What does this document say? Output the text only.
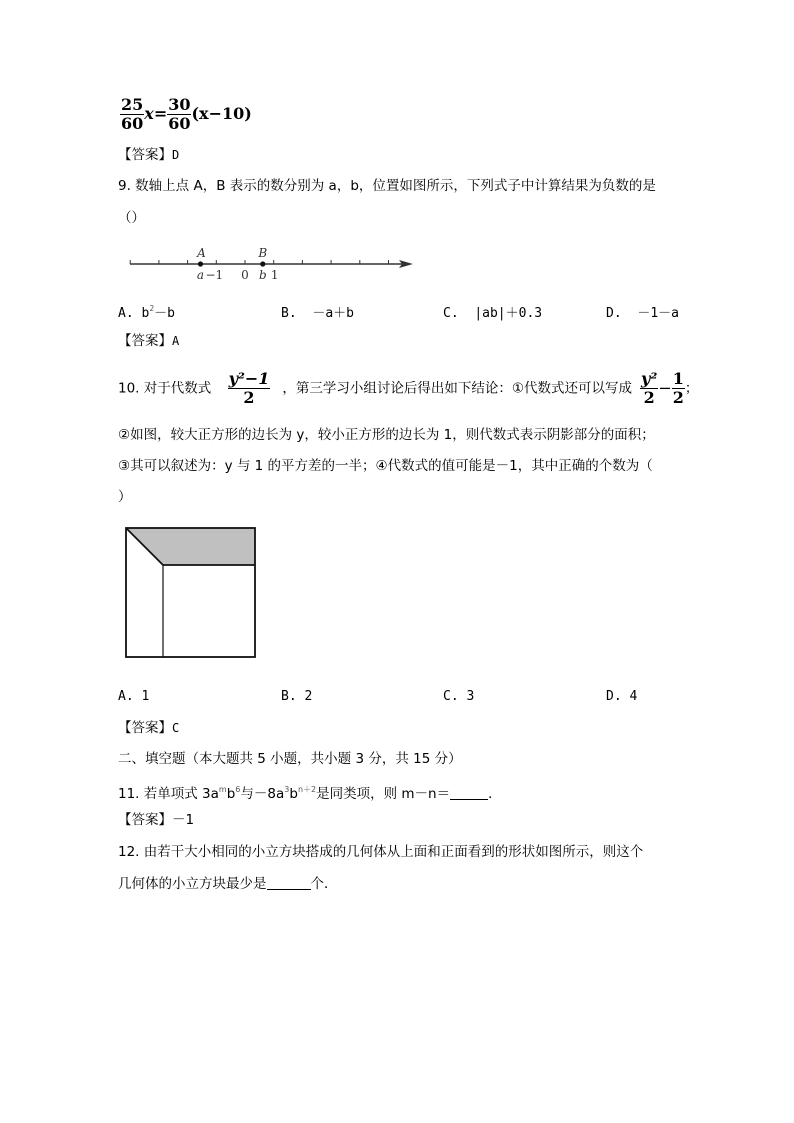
$\frac{25}{60} x= \frac{30}{60} (x-10)$
【答案】D
9. 数轴上点 A，B 表示的数分别为 a，b，位置如图所示，下列式子中计算结果为负数的是
（）
A	B
a	b
−1 0 1
A. $b^2-b$	B. －a＋b	C. |ab|＋0.3	D. －1－a
【答案】A
10. 对于代数式 $\frac{\text{y²−1}}{2}$ ，第三学习小组讨论后得出如下结论：①代数式还可以写成 $\frac{\text{y²}}{2} - \frac{1}{2}$ ；
②如图，较大正方形的边长为 y，较小正方形的边长为 1，则代数式表示阴影部分的面积；
③其可以叙述为：y 与 1 的平方差的一半；④代数式的值可能是－1，其中正确的个数为（
）
A. 1	B. 2	C. 3	D. 4
【答案】C
二、填空题（本大题共 5 小题，共小题 3 分，共 15 分）
11. 若单项式 $3a^mb^6$与$-8a^3b^{n+2}$是同类项，则 m－n＝	．
【答案】－1
12. 由若干大小相同的小立方块搭成的几何体从上面和正面看到的形状如图所示，则这个
几何体的小立方块最少是	个．
